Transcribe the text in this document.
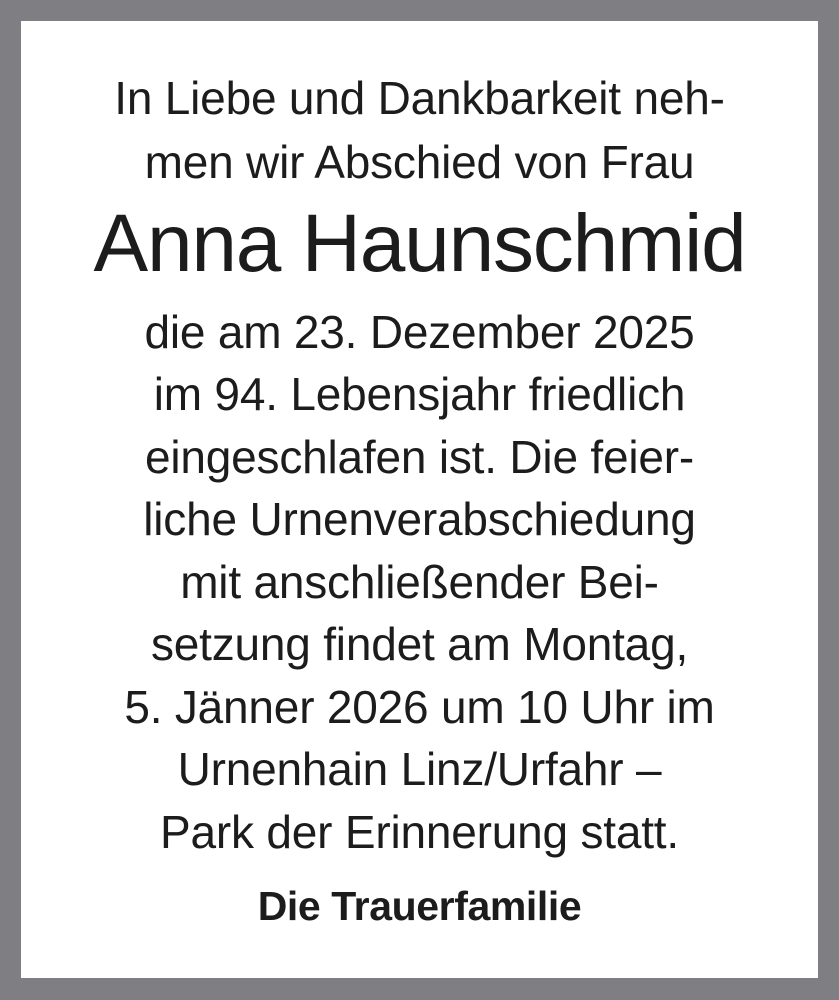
In Liebe und Dankbarkeit neh-
men wir Abschied von Frau
Anna Haunschmid
die am 23. Dezember 2025
im 94. Lebensjahr friedlich
eingeschlafen ist. Die feier-
liche Urnenverabschiedung
mit anschließender Bei-
setzung findet am Montag,
5. Jänner 2026 um 10 Uhr im
Urnenhain Linz/Urfahr –
Park der Erinnerung statt.
Die Trauerfamilie
